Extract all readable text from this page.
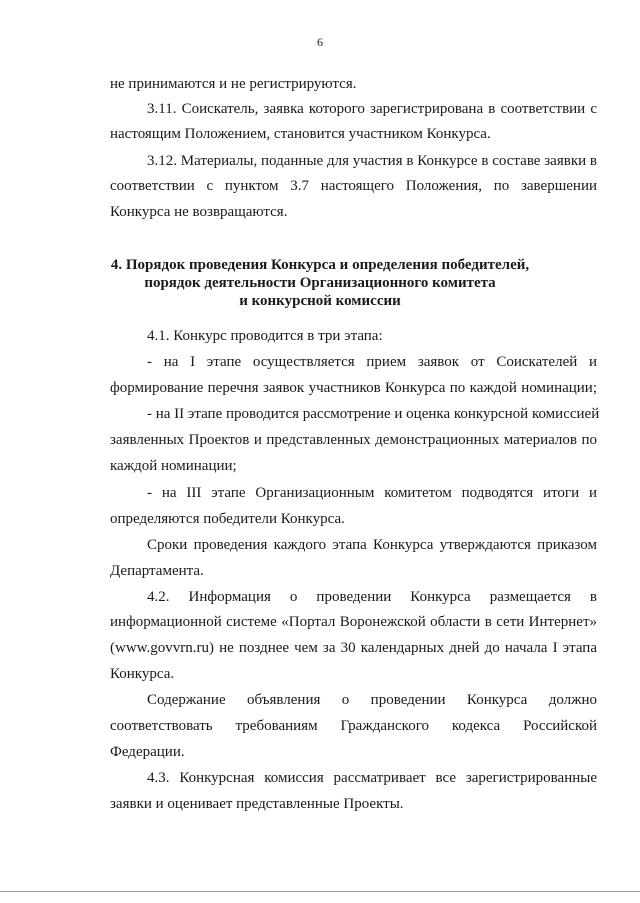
6
не принимаются и не регистрируются.
3.11. Соискатель, заявка которого зарегистрирована в соответствии с
настоящим Положением, становится участником Конкурса.
3.12. Материалы, поданные для участия в Конкурсе в составе заявки в
соответствии с пунктом 3.7 настоящего Положения, по завершении
Конкурса не возвращаются.
4. Порядок проведения Конкурса и определения победителей,
порядок деятельности Организационного комитета
и конкурсной комиссии
4.1. Конкурс проводится в три этапа:
- на I этапе осуществляется прием заявок от Соискателей и
формирование перечня заявок участников Конкурса по каждой номинации;
- на II этапе проводится рассмотрение и оценка конкурсной комиссией
заявленных Проектов и представленных демонстрационных материалов по
каждой номинации;
- на III этапе Организационным комитетом подводятся итоги и
определяются победители Конкурса.
Сроки проведения каждого этапа Конкурса утверждаются приказом
Департамента.
4.2. Информация о проведении Конкурса размещается в
информационной системе «Портал Воронежской области в сети Интернет»
(www.govvrn.ru) не позднее чем за 30 календарных дней до начала I этапа
Конкурса.
Содержание объявления о проведении Конкурса должно
соответствовать требованиям Гражданского кодекса Российской
Федерации.
4.3. Конкурсная комиссия рассматривает все зарегистрированные
заявки и оценивает представленные Проекты.
